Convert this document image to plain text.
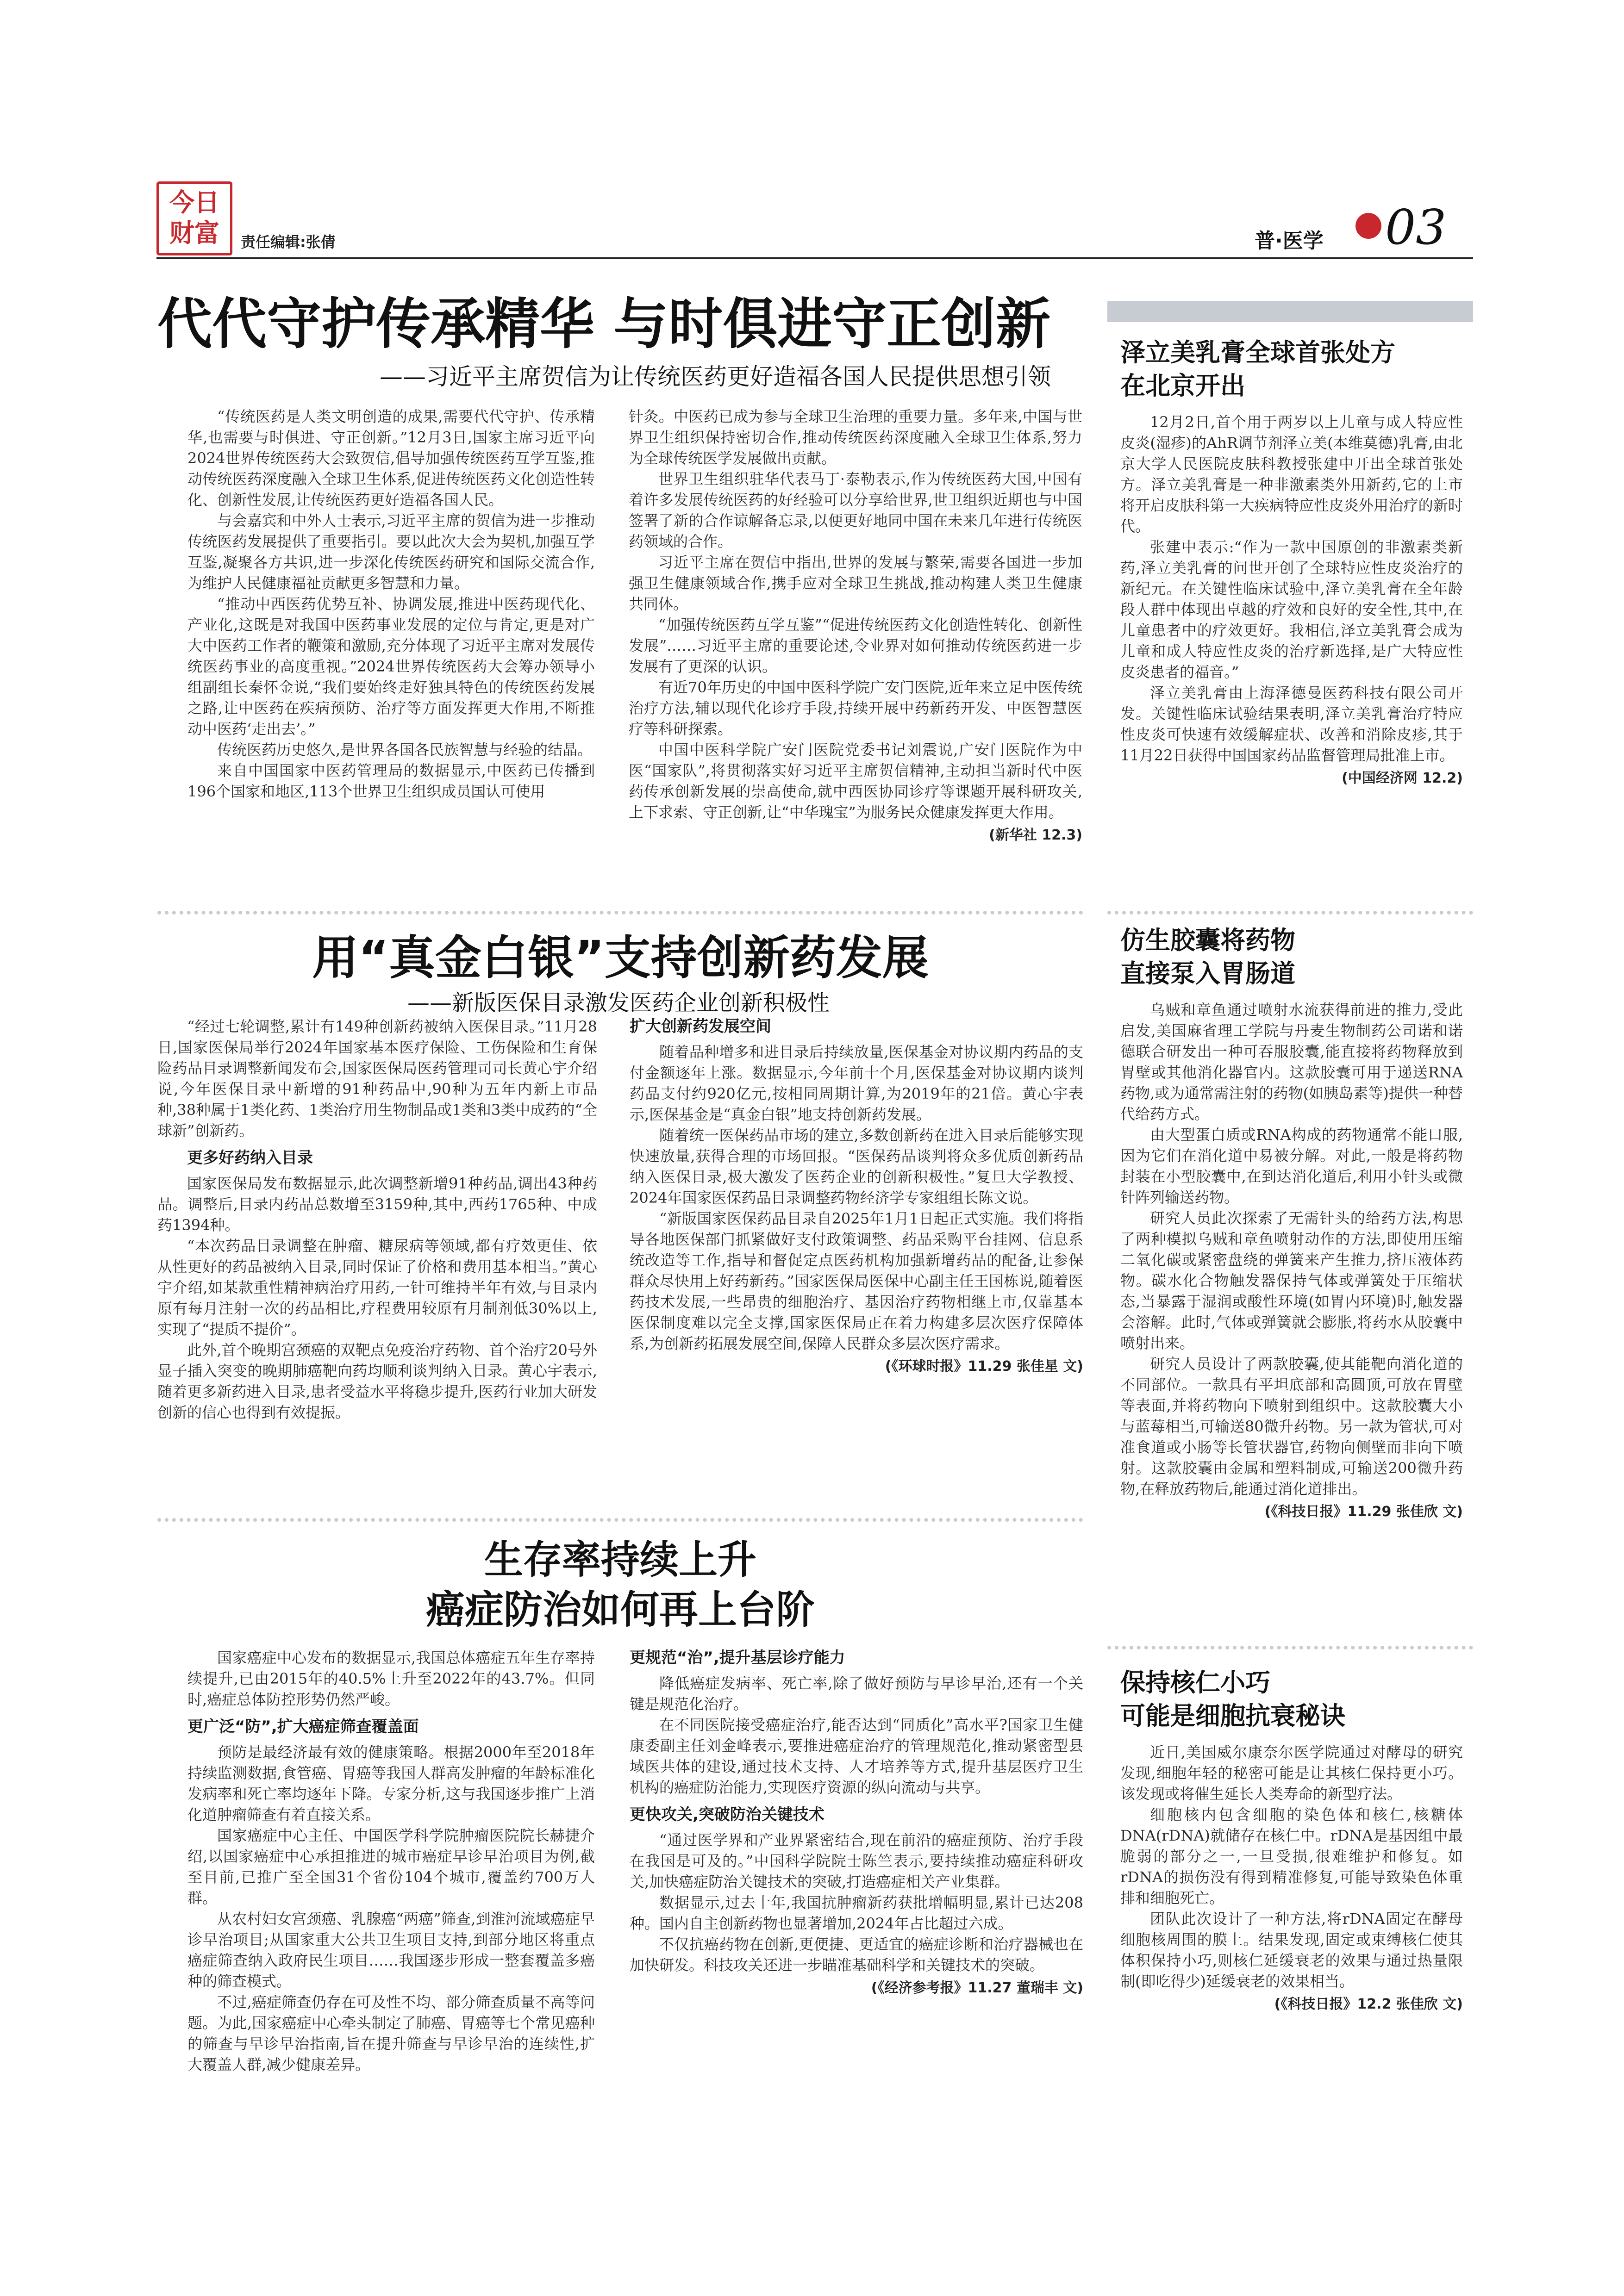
今日
财富	责任编辑:张倩	普·医学 03
代代守护传承精华 与时俱进守正创新
——习近平主席贺信为让传统医药更好造福各国人民提供思想引领

“传统医药是人类文明创造的成果,需要代代守护、传承精华,也需要与时俱进、守正创新。”12月3日,国家主席习近平向2024世界传统医药大会致贺信,倡导加强传统医药互学互鉴,推动传统医药深度融入全球卫生体系,促进传统医药文化创造性转化、创新性发展,让传统医药更好造福各国人民。

与会嘉宾和中外人士表示,习近平主席的贺信为进一步推动传统医药发展提供了重要指引。要以此次大会为契机,加强互学互鉴,凝聚各方共识,进一步深化传统医药研究和国际交流合作,为维护人民健康福祉贡献更多智慧和力量。

“推动中西医药优势互补、协调发展,推进中医药现代化、产业化,这既是对我国中医药事业发展的定位与肯定,更是对广大中医药工作者的鞭策和激励,充分体现了习近平主席对发展传统医药事业的高度重视。”2024世界传统医药大会筹办领导小组副组长秦怀金说,“我们要始终走好独具特色的传统医药发展之路,让中医药在疾病预防、治疗等方面发挥更大作用,不断推动中医药‘走出去’。”

传统医药历史悠久,是世界各国各民族智慧与经验的结晶。

来自中国国家中医药管理局的数据显示,中医药已传播到196个国家和地区,113个世界卫生组织成员国认可使用

针灸。中医药已成为参与全球卫生治理的重要力量。多年来,中国与世界卫生组织保持密切合作,推动传统医药深度融入全球卫生体系,努力为全球传统医学发展做出贡献。

世界卫生组织驻华代表马丁·泰勒表示,作为传统医药大国,中国有着许多发展传统医药的好经验可以分享给世界,世卫组织近期也与中国签署了新的合作谅解备忘录,以便更好地同中国在未来几年进行传统医药领域的合作。

习近平主席在贺信中指出,世界的发展与繁荣,需要各国进一步加强卫生健康领域合作,携手应对全球卫生挑战,推动构建人类卫生健康共同体。

“加强传统医药互学互鉴”“促进传统医药文化创造性转化、创新性发展”……习近平主席的重要论述,令业界对如何推动传统医药进一步发展有了更深的认识。

有近70年历史的中国中医科学院广安门医院,近年来立足中医传统治疗方法,辅以现代化诊疗手段,持续开展中药新药开发、中医智慧医疗等科研探索。

中国中医科学院广安门医院党委书记刘震说,广安门医院作为中医“国家队”,将贯彻落实好习近平主席贺信精神,主动担当新时代中医药传承创新发展的崇高使命,就中西医协同诊疗等课题开展科研攻关,上下求索、守正创新,让“中华瑰宝”为服务民众健康发挥更大作用。

(新华社 12.3)
用“真金白银”支持创新药发展
——新版医保目录激发医药企业创新积极性

“经过七轮调整,累计有149种创新药被纳入医保目录。”11月28日,国家医保局举行2024年国家基本医疗保险、工伤保险和生育保险药品目录调整新闻发布会,国家医保局医药管理司司长黄心宇介绍说,今年医保目录中新增的91种药品中,90种为五年内新上市品种,38种属于1类化药、1类治疗用生物制品或1类和3类中成药的“全球新”创新药。

更多好药纳入目录

国家医保局发布数据显示,此次调整新增91种药品,调出43种药品。调整后,目录内药品总数增至3159种,其中,西药1765种、中成药1394种。

“本次药品目录调整在肿瘤、糖尿病等领域,都有疗效更佳、依从性更好的药品被纳入目录,同时保证了价格和费用基本相当。”黄心宇介绍,如某款重性精神病治疗用药,一针可维持半年有效,与目录内原有每月注射一次的药品相比,疗程费用较原有月制剂低30%以上,实现了“提质不提价”。

此外,首个晚期宫颈癌的双靶点免疫治疗药物、首个治疗20号外显子插入突变的晚期肺癌靶向药均顺利谈判纳入目录。黄心宇表示,随着更多新药进入目录,患者受益水平将稳步提升,医药行业加大研发创新的信心也得到有效提振。

扩大创新药发展空间

随着品种增多和进目录后持续放量,医保基金对协议期内药品的支付金额逐年上涨。数据显示,今年前十个月,医保基金对协议期内谈判药品支付约920亿元,按相同周期计算,为2019年的21倍。黄心宇表示,医保基金是“真金白银”地支持创新药发展。

随着统一医保药品市场的建立,多数创新药在进入目录后能够实现快速放量,获得合理的市场回报。“医保药品谈判将众多优质创新药品纳入医保目录,极大激发了医药企业的创新积极性。”复旦大学教授、2024年国家医保药品目录调整药物经济学专家组组长陈文说。

“新版国家医保药品目录自2025年1月1日起正式实施。我们将指导各地医保部门抓紧做好支付政策调整、药品采购平台挂网、信息系统改造等工作,指导和督促定点医药机构加强新增药品的配备,让参保群众尽快用上好药新药。”国家医保局医保中心副主任王国栋说,随着医药技术发展,一些昂贵的细胞治疗、基因治疗药物相继上市,仅靠基本医保制度难以完全支撑,国家医保局正在着力构建多层次医疗保障体系,为创新药拓展发展空间,保障人民群众多层次医疗需求。

(《环球时报》11.29 张佳星 文)
生存率持续上升
癌症防治如何再上台阶

国家癌症中心发布的数据显示,我国总体癌症五年生存率持续提升,已由2015年的40.5%上升至2022年的43.7%。但同时,癌症总体防控形势仍然严峻。

更广泛“防”,扩大癌症筛查覆盖面

预防是最经济最有效的健康策略。根据2000年至2018年持续监测数据,食管癌、胃癌等我国人群高发肿瘤的年龄标准化发病率和死亡率均逐年下降。专家分析,这与我国逐步推广上消化道肿瘤筛查有着直接关系。

国家癌症中心主任、中国医学科学院肿瘤医院院长赫捷介绍,以国家癌症中心承担推进的城市癌症早诊早治项目为例,截至目前,已推广至全国31个省份104个城市,覆盖约700万人群。

从农村妇女宫颈癌、乳腺癌“两癌”筛查,到淮河流域癌症早诊早治项目;从国家重大公共卫生项目支持,到部分地区将重点癌症筛查纳入政府民生项目……我国逐步形成一整套覆盖多癌种的筛查模式。

不过,癌症筛查仍存在可及性不均、部分筛查质量不高等问题。为此,国家癌症中心牵头制定了肺癌、胃癌等七个常见癌种的筛查与早诊早治指南,旨在提升筛查与早诊早治的连续性,扩大覆盖人群,减少健康差异。

更规范“治”,提升基层诊疗能力

降低癌症发病率、死亡率,除了做好预防与早诊早治,还有一个关键是规范化治疗。

在不同医院接受癌症治疗,能否达到“同质化”高水平?国家卫生健康委副主任刘金峰表示,要推进癌症治疗的管理规范化,推动紧密型县域医共体的建设,通过技术支持、人才培养等方式,提升基层医疗卫生机构的癌症防治能力,实现医疗资源的纵向流动与共享。

更快攻关,突破防治关键技术

“通过医学界和产业界紧密结合,现在前沿的癌症预防、治疗手段在我国是可及的。”中国科学院院士陈竺表示,要持续推动癌症科研攻关,加快癌症防治关键技术的突破,打造癌症相关产业集群。

数据显示,过去十年,我国抗肿瘤新药获批增幅明显,累计已达208种。国内自主创新药物也显著增加,2024年占比超过六成。

不仅抗癌药物在创新,更便捷、更适宜的癌症诊断和治疗器械也在加快研发。科技攻关还进一步瞄准基础科学和关键技术的突破。

(《经济参考报》11.27 董瑞丰 文)
泽立美乳膏全球首张处方
在北京开出

12月2日,首个用于两岁以上儿童与成人特应性皮炎(湿疹)的AhR调节剂泽立美(本维莫德)乳膏,由北京大学人民医院皮肤科教授张建中开出全球首张处方。泽立美乳膏是一种非激素类外用新药,它的上市将开启皮肤科第一大疾病特应性皮炎外用治疗的新时代。

张建中表示:“作为一款中国原创的非激素类新药,泽立美乳膏的问世开创了全球特应性皮炎治疗的新纪元。在关键性临床试验中,泽立美乳膏在全年龄段人群中体现出卓越的疗效和良好的安全性,其中,在儿童患者中的疗效更好。我相信,泽立美乳膏会成为儿童和成人特应性皮炎的治疗新选择,是广大特应性皮炎患者的福音。”

泽立美乳膏由上海泽德曼医药科技有限公司开发。关键性临床试验结果表明,泽立美乳膏治疗特应性皮炎可快速有效缓解症状、改善和消除皮疹,其于11月22日获得中国国家药品监督管理局批准上市。

(中国经济网 12.2)
仿生胶囊将药物
直接泵入胃肠道

乌贼和章鱼通过喷射水流获得前进的推力,受此启发,美国麻省理工学院与丹麦生物制药公司诺和诺德联合研发出一种可吞服胶囊,能直接将药物释放到胃壁或其他消化器官内。这款胶囊可用于递送RNA药物,或为通常需注射的药物(如胰岛素等)提供一种替代给药方式。

由大型蛋白质或RNA构成的药物通常不能口服,因为它们在消化道中易被分解。对此,一般是将药物封装在小型胶囊中,在到达消化道后,利用小针头或微针阵列输送药物。

研究人员此次探索了无需针头的给药方法,构思了两种模拟乌贼和章鱼喷射动作的方法,即使用压缩二氧化碳或紧密盘绕的弹簧来产生推力,挤压液体药物。碳水化合物触发器保持气体或弹簧处于压缩状态,当暴露于湿润或酸性环境(如胃内环境)时,触发器会溶解。此时,气体或弹簧就会膨胀,将药水从胶囊中喷射出来。

研究人员设计了两款胶囊,使其能靶向消化道的不同部位。一款具有平坦底部和高圆顶,可放在胃壁等表面,并将药物向下喷射到组织中。这款胶囊大小与蓝莓相当,可输送80微升药物。另一款为管状,可对准食道或小肠等长管状器官,药物向侧壁而非向下喷射。这款胶囊由金属和塑料制成,可输送200微升药物,在释放药物后,能通过消化道排出。

(《科技日报》11.29 张佳欣 文)
保持核仁小巧
可能是细胞抗衰秘诀

近日,美国威尔康奈尔医学院通过对酵母的研究发现,细胞年轻的秘密可能是让其核仁保持更小巧。该发现或将催生延长人类寿命的新型疗法。

细胞核内包含细胞的染色体和核仁,核糖体DNA(rDNA)就储存在核仁中。rDNA是基因组中最脆弱的部分之一,一旦受损,很难维护和修复。如rDNA的损伤没有得到精准修复,可能导致染色体重排和细胞死亡。

团队此次设计了一种方法,将rDNA固定在酵母细胞核周围的膜上。结果发现,固定或束缚核仁使其体积保持小巧,则核仁延缓衰老的效果与通过热量限制(即吃得少)延缓衰老的效果相当。

(《科技日报》12.2 张佳欣 文)
